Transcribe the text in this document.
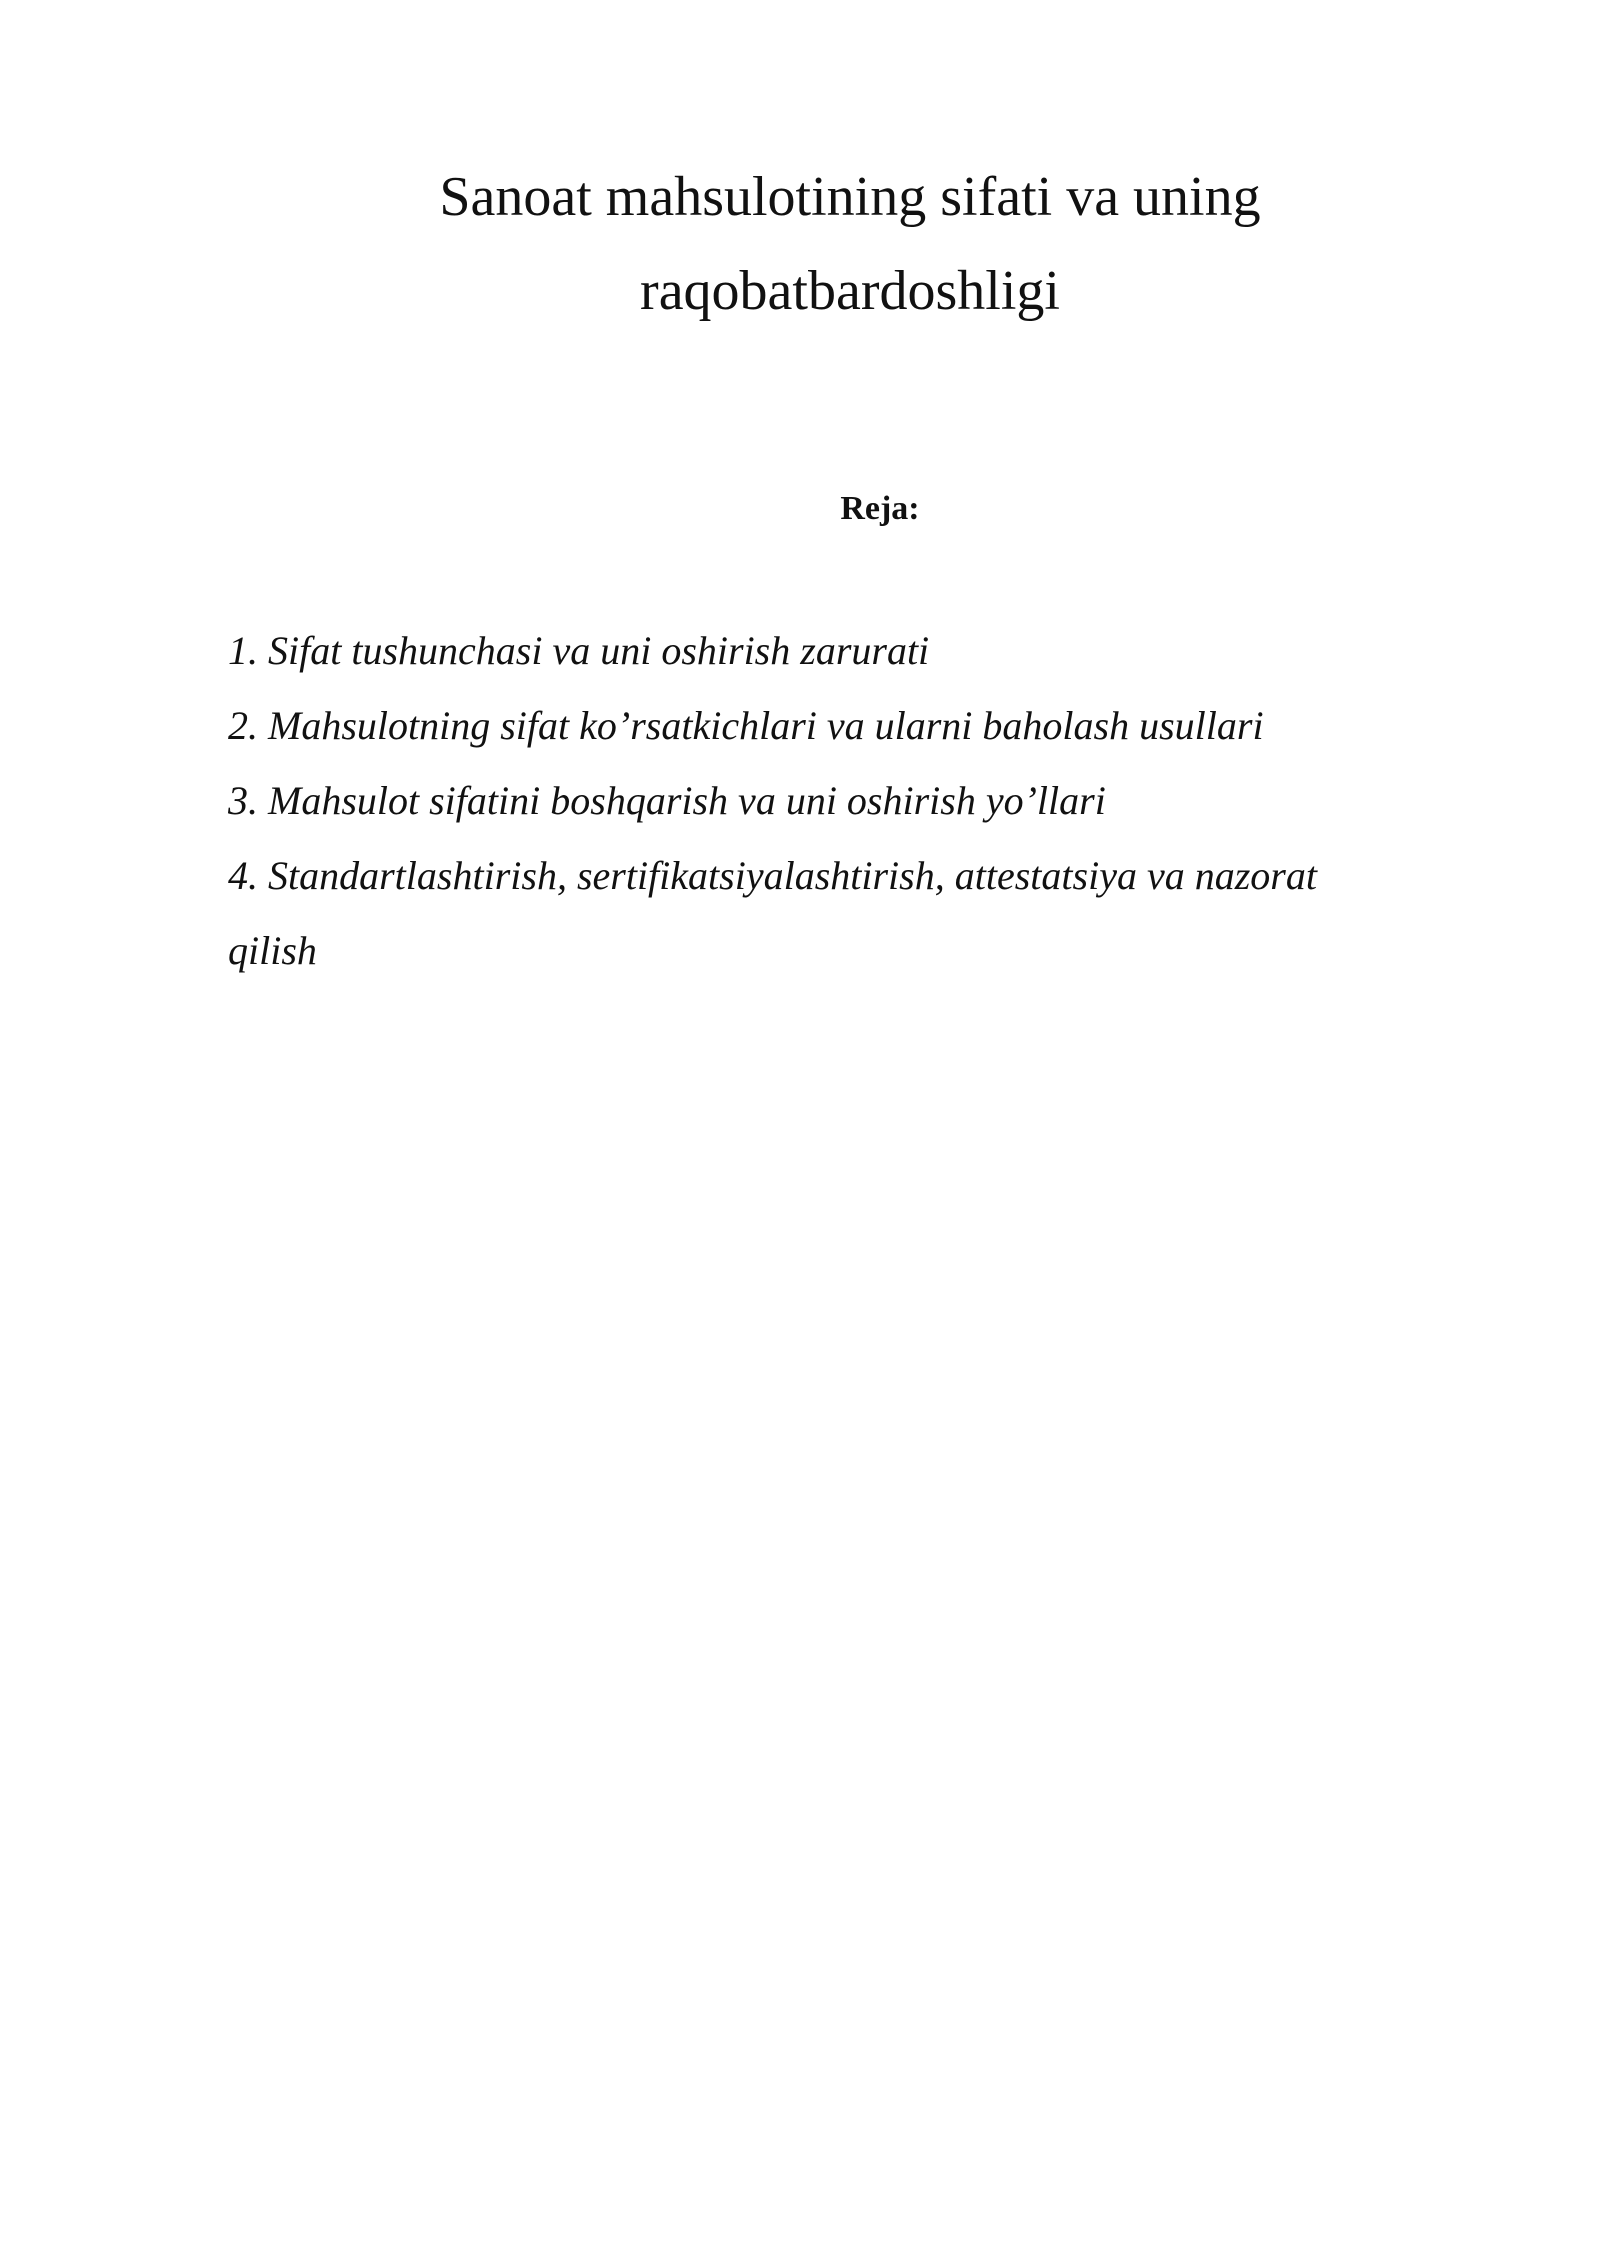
Sanoat mahsulotining sifati va uning
raqobatbardoshligi
Reja:
1. Sifat tushunchasi va uni oshirish zarurati
2. Mahsulotning sifat ko’rsatkichlari va ularni baholash usullari
3. Mahsulot sifatini boshqarish va uni oshirish yo’llari
4. Standartlashtirish, sertifikatsiyalashtirish, attestatsiya va nazorat
qilish
